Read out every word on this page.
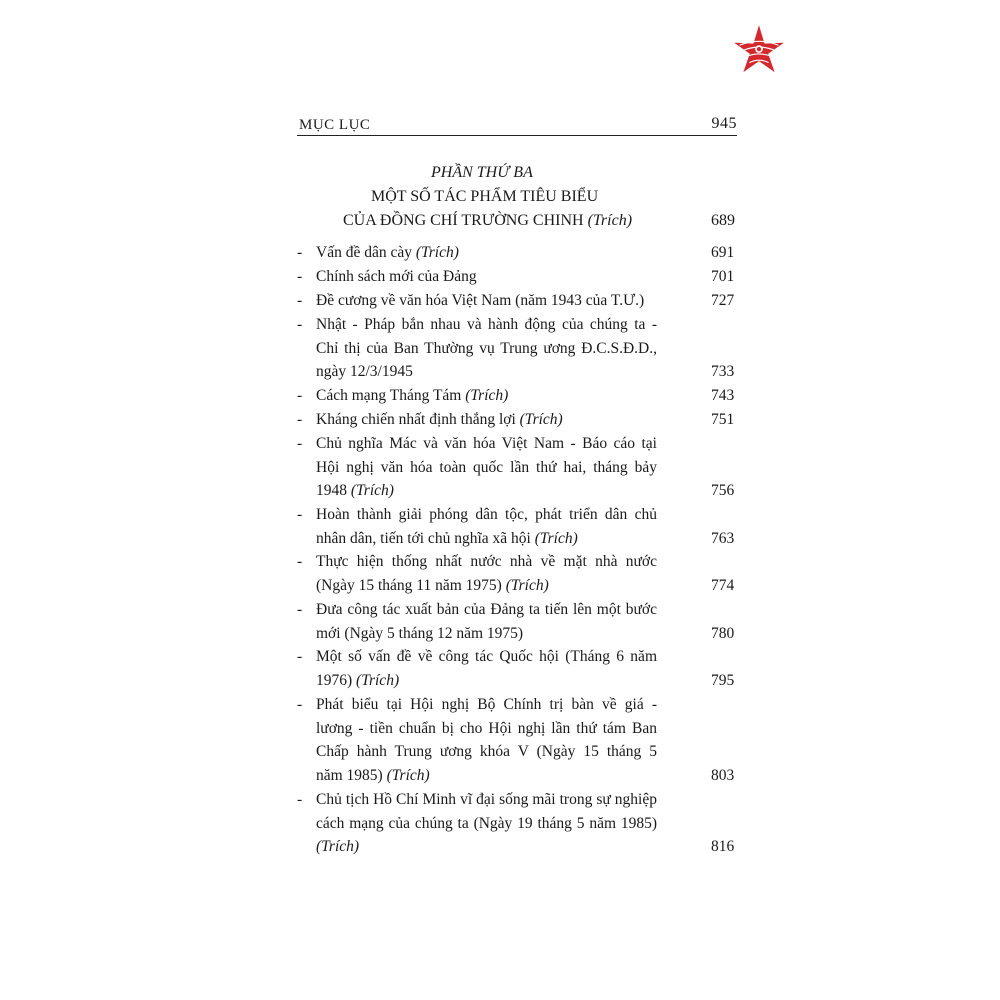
MỤC LỤC	945
PHẦN THỨ BA
MỘT SỐ TÁC PHẨM TIÊU BIỂU
CỦA ĐỒNG CHÍ TRƯỜNG CHINH (Trích)	689
- Vấn đề dân cày (Trích)	691
- Chính sách mới của Đảng	701
- Đề cương về văn hóa Việt Nam (năm 1943 của T.Ư.)	727
- Nhật - Pháp bắn nhau và hành động của chúng ta -
Chỉ thị của Ban Thường vụ Trung ương Đ.C.S.Đ.D.,
ngày 12/3/1945	733
- Cách mạng Tháng Tám (Trích)	743
- Kháng chiến nhất định thắng lợi (Trích)	751
- Chủ nghĩa Mác và văn hóa Việt Nam - Báo cáo tại
Hội nghị văn hóa toàn quốc lần thứ hai, tháng bảy
1948 (Trích)	756
- Hoàn thành giải phóng dân tộc, phát triển dân chủ
nhân dân, tiến tới chủ nghĩa xã hội (Trích)	763
- Thực hiện thống nhất nước nhà về mặt nhà nước
(Ngày 15 tháng 11 năm 1975) (Trích)	774
- Đưa công tác xuất bản của Đảng ta tiến lên một bước
mới (Ngày 5 tháng 12 năm 1975)	780
- Một số vấn đề về công tác Quốc hội (Tháng 6 năm
1976) (Trích)	795
- Phát biểu tại Hội nghị Bộ Chính trị bàn về giá -
lương - tiền chuẩn bị cho Hội nghị lần thứ tám Ban
Chấp hành Trung ương khóa V (Ngày 15 tháng 5
năm 1985) (Trích)	803
- Chủ tịch Hồ Chí Minh vĩ đại sống mãi trong sự nghiệp
cách mạng của chúng ta (Ngày 19 tháng 5 năm 1985)
(Trích)	816
